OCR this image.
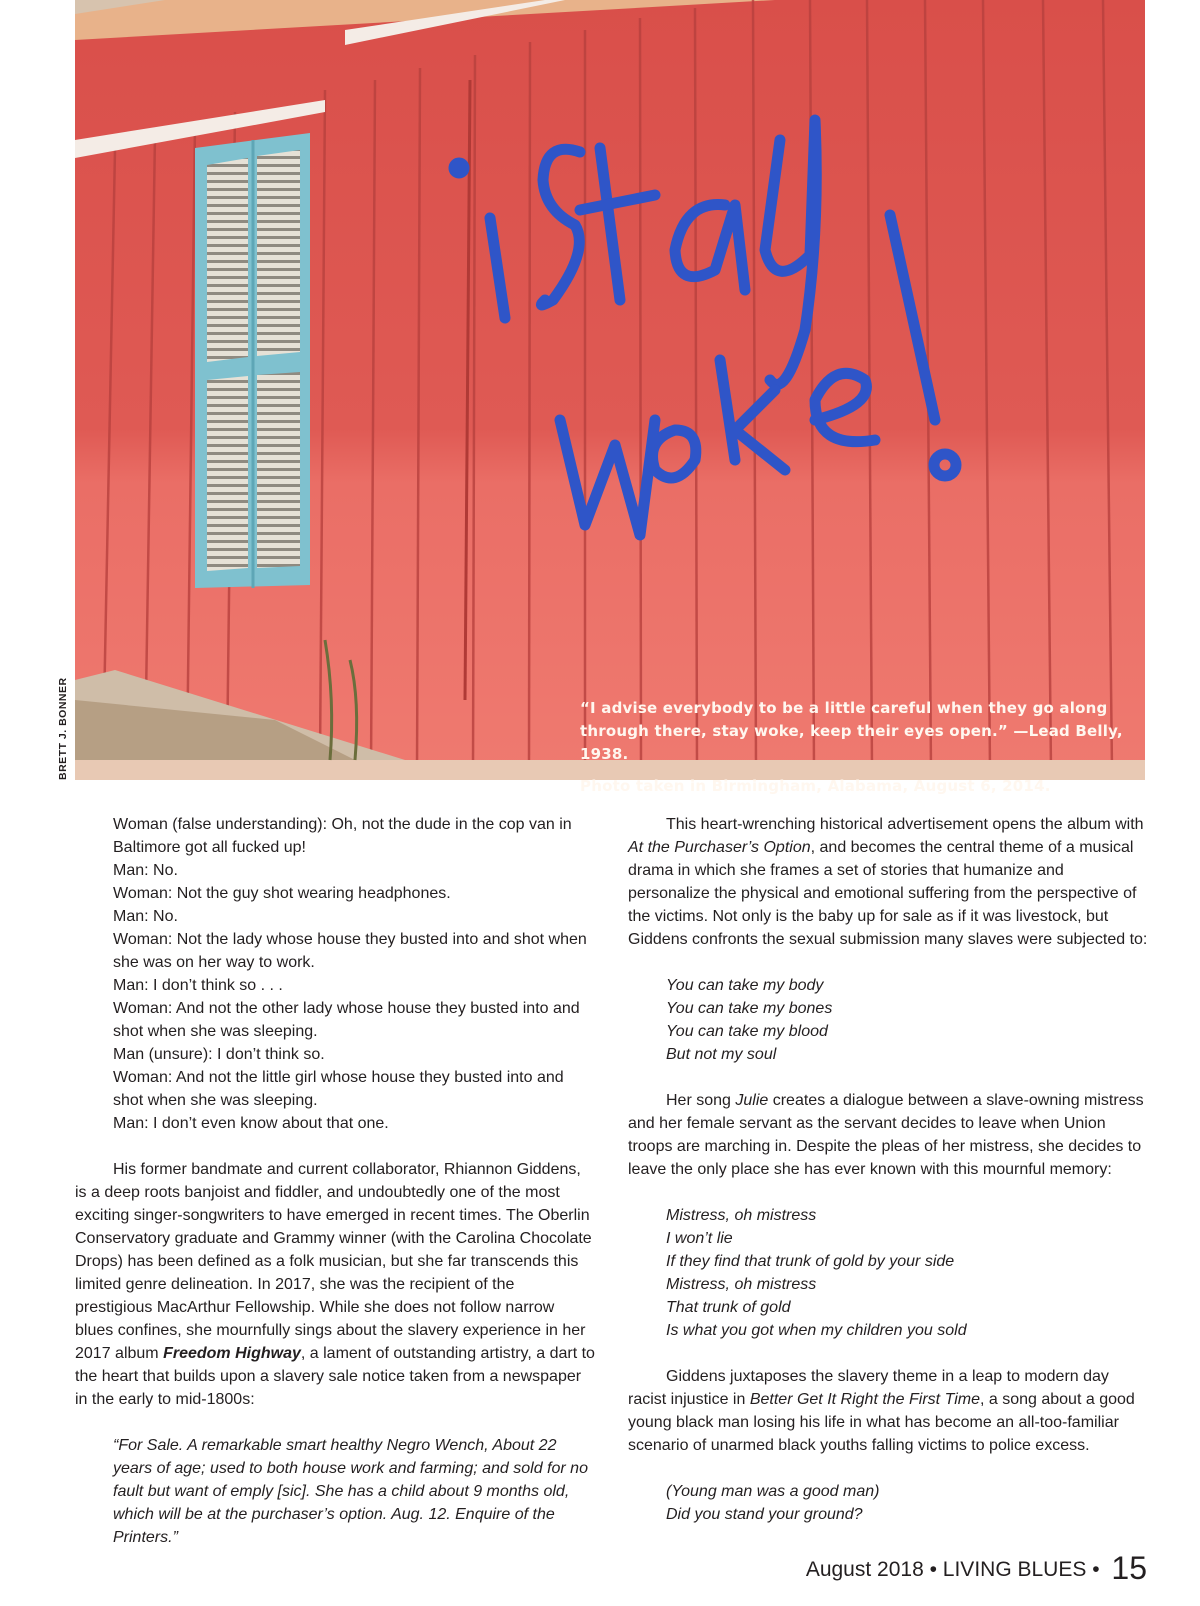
BRETT J. BONNER	“I advise everybody to be a little careful when they go along
through there, stay woke, keep their eyes open.” —Lead Belly, 1938.
Photo taken in Birmingham, Alabama, August 6, 2014.

Woman (false understanding): Oh, not the dude in the cop van in Baltimore got all fucked up!

Man: No.

Woman: Not the guy shot wearing headphones.

Man: No.

Woman: Not the lady whose house they busted into and shot when she was on her way to work.

Man: I don’t think so . . .

Woman: And not the other lady whose house they busted into and shot when she was sleeping.

Man (unsure): I don’t think so.

Woman: And not the little girl whose house they busted into and shot when she was sleeping.

Man: I don’t even know about that one.

His former bandmate and current collaborator, Rhiannon Giddens, is a deep roots banjoist and fiddler, and undoubtedly one of the most exciting singer-songwriters to have emerged in recent times. The Oberlin Conservatory graduate and Grammy winner (with the Carolina Chocolate Drops) has been defined as a folk musician, but she far transcends this limited genre delineation. In 2017, she was the recipient of the prestigious MacArthur Fellowship. While she does not follow narrow blues confines, she mournfully sings about the slavery experience in her 2017 album Freedom Highway, a lament of outstanding artistry, a dart to the heart that builds upon a slavery sale notice taken from a newspaper in the early to mid-1800s:

“For Sale. A remarkable smart healthy Negro Wench, About 22 years of age; used to both house work and farming; and sold for no fault but want of emply [sic]. She has a child about 9 months old, which will be at the purchaser’s option. Aug. 12. Enquire of the Printers.”

This heart-wrenching historical advertisement opens the album with At the Purchaser’s Option, and becomes the central theme of a musical drama in which she frames a set of stories that humanize and personalize the physical and emotional suffering from the perspective of the victims. Not only is the baby up for sale as if it was livestock, but Giddens confronts the sexual submission many slaves were subjected to:

You can take my body

You can take my bones

You can take my blood

But not my soul

Her song Julie creates a dialogue between a slave-owning mistress and her female servant as the servant decides to leave when Union troops are marching in. Despite the pleas of her mistress, she decides to leave the only place she has ever known with this mournful memory:

Mistress, oh mistress

I won’t lie

If they find that trunk of gold by your side

Mistress, oh mistress

That trunk of gold

Is what you got when my children you sold

Giddens juxtaposes the slavery theme in a leap to modern day racist injustice in Better Get It Right the First Time, a song about a good young black man losing his life in what has become an all-too-familiar scenario of unarmed black youths falling victims to police excess.

(Young man was a good man)

Did you stand your ground?

August 2018 • LIVING BLUES • 15
